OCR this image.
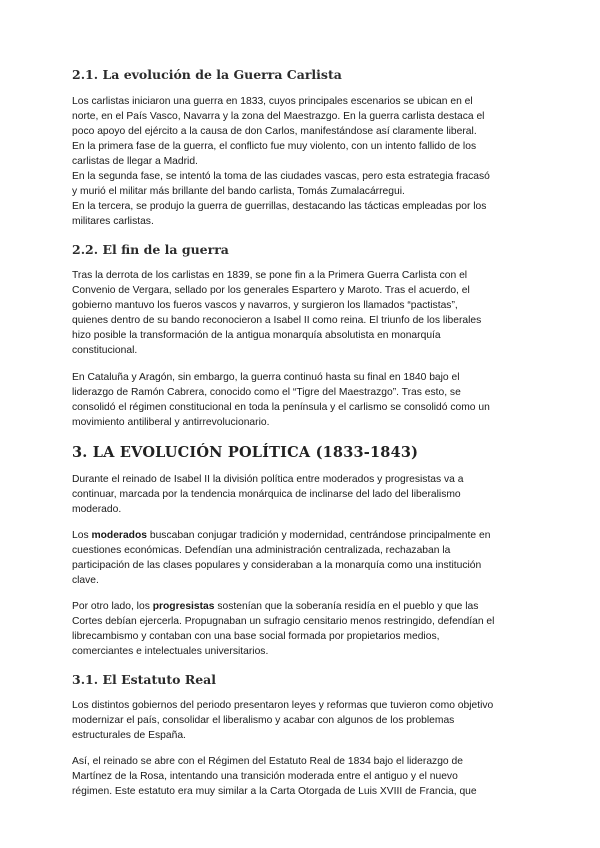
2.1. La evolución de la Guerra Carlista
Los carlistas iniciaron una guerra en 1833, cuyos principales escenarios se ubican en el
norte, en el País Vasco, Navarra y la zona del Maestrazgo. En la guerra carlista destaca el
poco apoyo del ejército a la causa de don Carlos, manifestándose así claramente liberal.
En la primera fase de la guerra, el conflicto fue muy violento, con un intento fallido de los
carlistas de llegar a Madrid.
En la segunda fase, se intentó la toma de las ciudades vascas, pero esta estrategia fracasó
y murió el militar más brillante del bando carlista, Tomás Zumalacárregui.
En la tercera, se produjo la guerra de guerrillas, destacando las tácticas empleadas por los
militares carlistas.
2.2. El fin de la guerra
Tras la derrota de los carlistas en 1839, se pone fin a la Primera Guerra Carlista con el
Convenio de Vergara, sellado por los generales Espartero y Maroto. Tras el acuerdo, el
gobierno mantuvo los fueros vascos y navarros, y surgieron los llamados “pactistas”,
quienes dentro de su bando reconocieron a Isabel II como reina. El triunfo de los liberales
hizo posible la transformación de la antigua monarquía absolutista en monarquía
constitucional.
En Cataluña y Aragón, sin embargo, la guerra continuó hasta su final en 1840 bajo el
liderazgo de Ramón Cabrera, conocido como el “Tigre del Maestrazgo”. Tras esto, se
consolidó el régimen constitucional en toda la península y el carlismo se consolidó como un
movimiento antiliberal y antirrevolucionario.
3. LA EVOLUCIÓN POLÍTICA (1833-1843)
Durante el reinado de Isabel II la división política entre moderados y progresistas va a
continuar, marcada por la tendencia monárquica de inclinarse del lado del liberalismo
moderado.
Los moderados buscaban conjugar tradición y modernidad, centrándose principalmente en
cuestiones económicas. Defendían una administración centralizada, rechazaban la
participación de las clases populares y consideraban a la monarquía como una institución
clave.
Por otro lado, los progresistas sostenían que la soberanía residía en el pueblo y que las
Cortes debían ejercerla. Propugnaban un sufragio censitario menos restringido, defendían el
librecambismo y contaban con una base social formada por propietarios medios,
comerciantes e intelectuales universitarios.
3.1. El Estatuto Real
Los distintos gobiernos del periodo presentaron leyes y reformas que tuvieron como objetivo
modernizar el país, consolidar el liberalismo y acabar con algunos de los problemas
estructurales de España.
Así, el reinado se abre con el Régimen del Estatuto Real de 1834 bajo el liderazgo de
Martínez de la Rosa, intentando una transición moderada entre el antiguo y el nuevo
régimen. Este estatuto era muy similar a la Carta Otorgada de Luis XVIII de Francia, que
